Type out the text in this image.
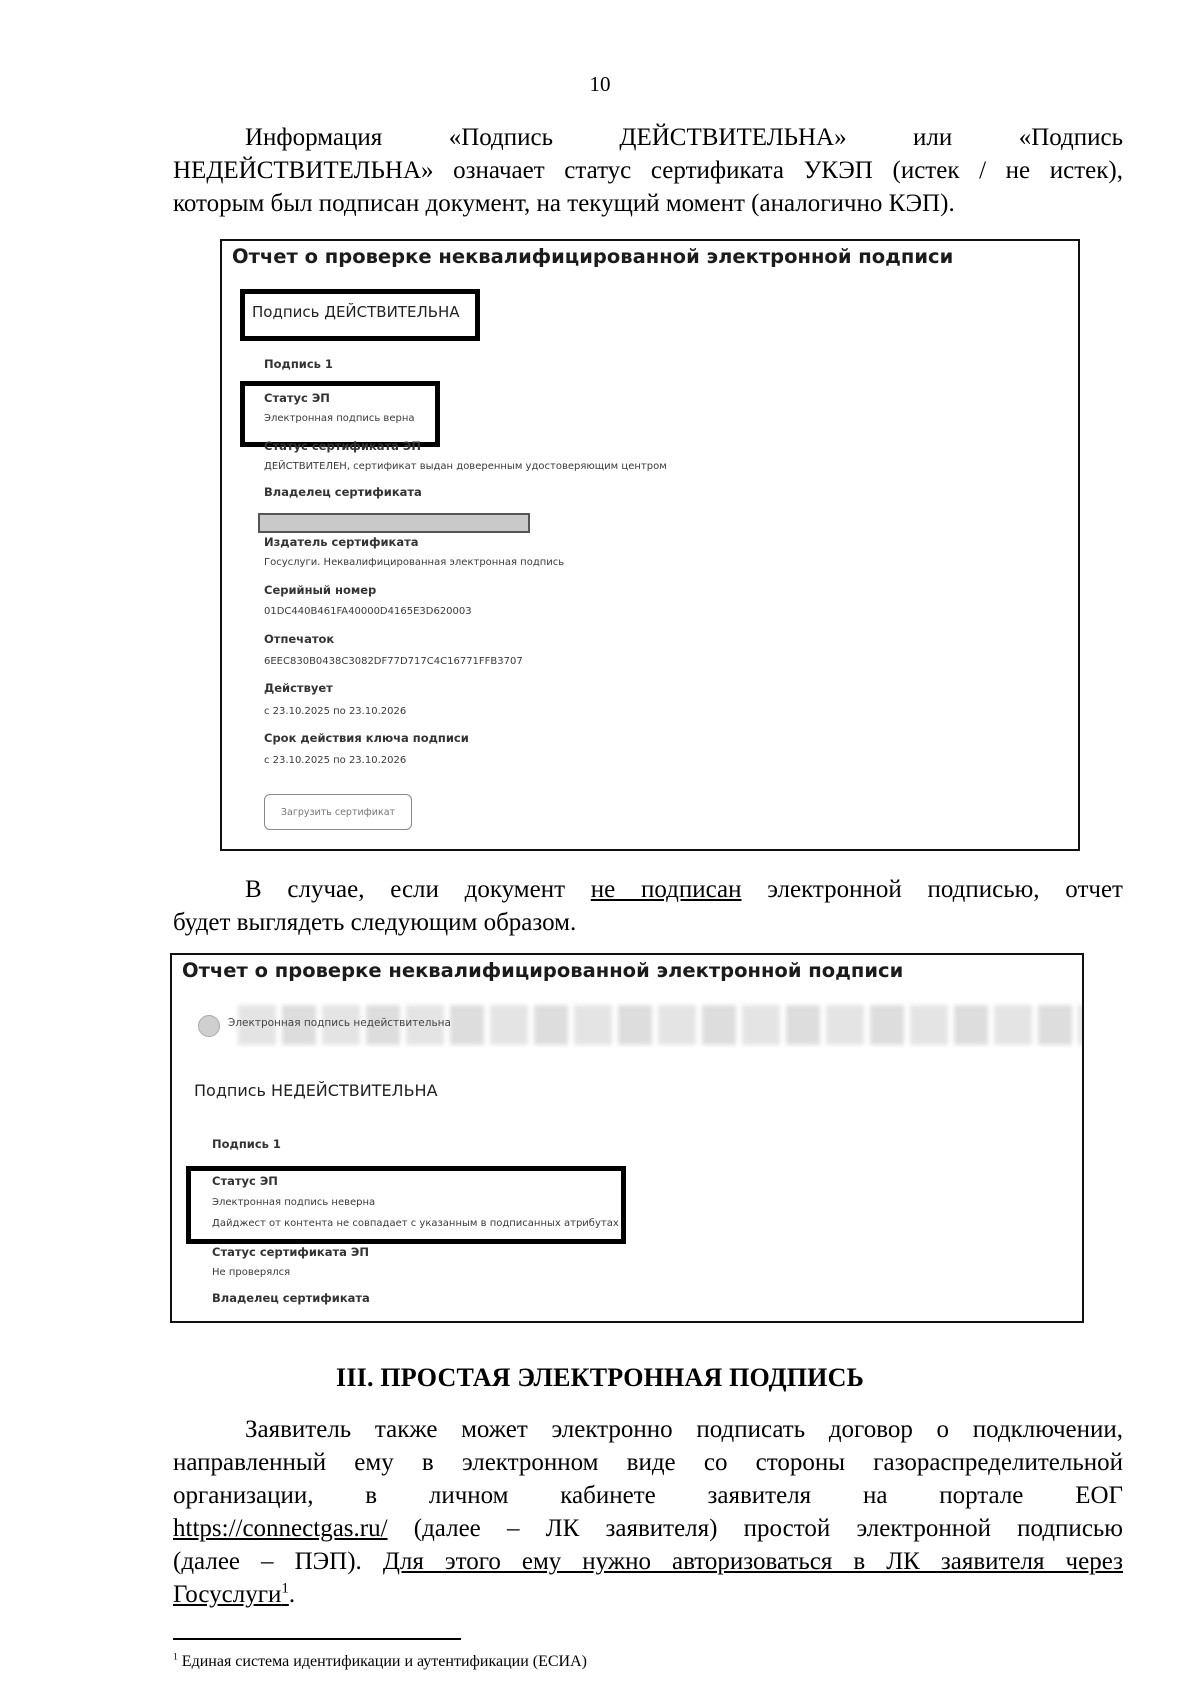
10
Информация	«Подпись	ДЕЙСТВИТЕЛЬНА»	или	«Подпись
НЕДЕЙСТВИТЕЛЬНА» означает статус сертификата УКЭП (истек / не истек),
которым был подписан документ, на текущий момент (аналогично КЭП).
Отчет о проверке неквалифицированной электронной подписи
Подпись ДЕЙСТВИТЕЛЬНА
Подпись 1
Статус ЭП
Электронная подпись верна
Статус сертификата ЭП
ДЕЙСТВИТЕЛЕН, сертификат выдан доверенным удостоверяющим центром
Владелец сертификата
Издатель сертификата
Госуслуги. Неквалифицированная электронная подпись
Серийный номер
01DC440B461FA40000D4165E3D620003
Отпечаток
6EEC830B0438C3082DF77D717C4C16771FFB3707
Действует
с 23.10.2025 по 23.10.2026
Срок действия ключа подписи
с 23.10.2025 по 23.10.2026
Загрузить сертификат
В случае, если документ не подписан электронной подписью, отчет
будет выглядеть следующим образом.
Отчет о проверке неквалифицированной электронной подписи
Электронная подпись недействительна
Подпись НЕДЕЙСТВИТЕЛЬНА
Подпись 1
Статус ЭП
Электронная подпись неверна
Дайджест от контента не совпадает с указанным в подписанных атрибутах
Статус сертификата ЭП
Не проверялся
Владелец сертификата
III. ПРОСТАЯ ЭЛЕКТРОННАЯ ПОДПИСЬ
Заявитель также может электронно подписать договор о подключении,
направленный ему в электронном виде со стороны газораспределительной
организации, в личном кабинете заявителя на портале ЕОГ
https://connectgas.ru/ (далее – ЛК заявителя) простой электронной подписью
(далее – ПЭП). Для этого ему нужно авторизоваться в ЛК заявителя через
Госуслуги$^1$.
$^1$ Единая система идентификации и аутентификации (ЕСИА)
